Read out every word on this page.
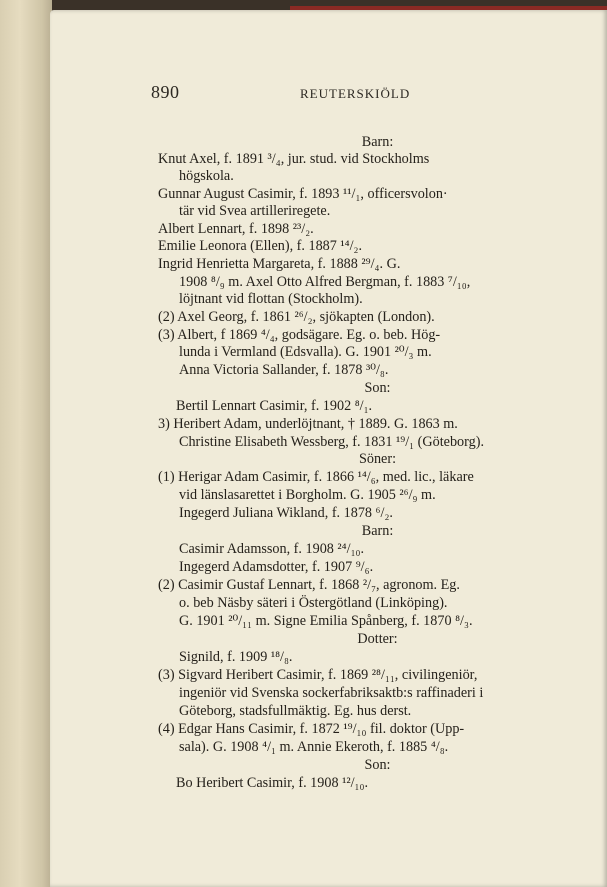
890	REUTERSKIÖLD
Barn:
Knut Axel, f. 1891 ³/₄, jur. stud. vid Stockholms
högskola.
Gunnar August Casimir, f. 1893 ¹¹/₁, officersvolon·
tär vid Svea artilleriregete.
Albert Lennart, f. 1898 ²³/₂.
Emilie Leonora (Ellen), f. 1887 ¹⁴/₂.
Ingrid Henrietta Margareta, f. 1888 ²⁹/₄. G.
1908 ⁸/₉ m. Axel Otto Alfred Bergman, f. 1883 ⁷/₁₀,
löjtnant vid flottan (Stockholm).
(2) Axel Georg, f. 1861 ²⁶/₂, sjökapten (London).
(3) Albert, f 1869 ⁴/₄, godsägare. Eg. o. beb. Hög-
lunda i Vermland (Edsvalla). G. 1901 ²⁰/₃ m.
Anna Victoria Sallander, f. 1878 ³⁰/₈.
Son:
Bertil Lennart Casimir, f. 1902 ⁸/₁.
3) Heribert Adam, underlöjtnant, † 1889. G. 1863 m.
Christine Elisabeth Wessberg, f. 1831 ¹⁹/₁ (Göteborg).
Söner:
(1) Herigar Adam Casimir, f. 1866 ¹⁴/₆, med. lic., läkare
vid länslasarettet i Borgholm. G. 1905 ²⁶/₉ m.
Ingegerd Juliana Wikland, f. 1878 ⁶/₂.
Barn:
Casimir Adamsson, f. 1908 ²⁴/₁₀.
Ingegerd Adamsdotter, f. 1907 ⁹/₆.
(2) Casimir Gustaf Lennart, f. 1868 ²/₇, agronom. Eg.
o. beb Näsby säteri i Östergötland (Linköping).
G. 1901 ²⁰/₁₁ m. Signe Emilia Spånberg, f. 1870 ⁸/₃.
Dotter:
Signild, f. 1909 ¹⁸/₈.
(3) Sigvard Heribert Casimir, f. 1869 ²⁸/₁₁, civilingeniör,
ingeniör vid Svenska sockerfabriksaktb:s raffinaderi i
Göteborg, stadsfullmäktig. Eg. hus derst.
(4) Edgar Hans Casimir, f. 1872 ¹⁹/₁₀ fil. doktor (Upp-
sala). G. 1908 ⁴/₁ m. Annie Ekeroth, f. 1885 ⁴/₈.
Son:
Bo Heribert Casimir, f. 1908 ¹²/₁₀.
